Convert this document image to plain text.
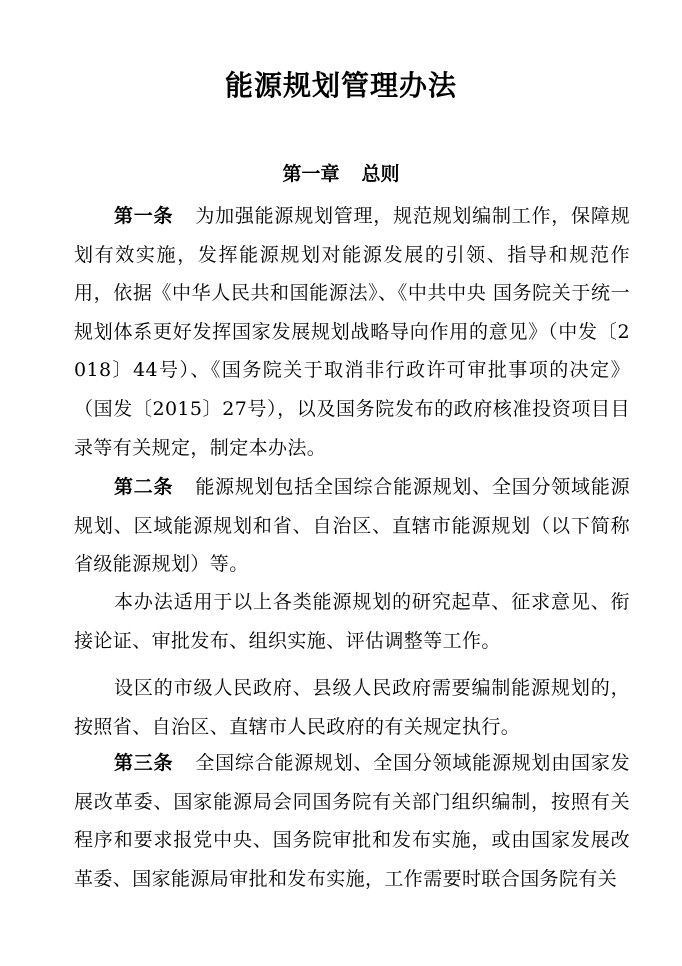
能源规划管理办法
第一章 总则
第一条 为加强能源规划管理，规范规划编制工作，保障规划有效实施，发挥能源规划对能源发展的引领、指导和规范作用，依据《中华人民共和国能源法》、《中共中央 国务院关于统一规划体系更好发挥国家发展规划战略导向作用的意见》（中发〔2018〕44号）、《国务院关于取消非行政许可审批事项的决定》（国发〔2015〕27号），以及国务院发布的政府核准投资项目目录等有关规定，制定本办法。
第二条 能源规划包括全国综合能源规划、全国分领域能源规划、区域能源规划和省、自治区、直辖市能源规划（以下简称省级能源规划）等。
本办法适用于以上各类能源规划的研究起草、征求意见、衔接论证、审批发布、组织实施、评估调整等工作。
设区的市级人民政府、县级人民政府需要编制能源规划的，按照省、自治区、直辖市人民政府的有关规定执行。
第三条 全国综合能源规划、全国分领域能源规划由国家发展改革委、国家能源局会同国务院有关部门组织编制，按照有关程序和要求报党中央、国务院审批和发布实施，或由国家发展改革委、国家能源局审批和发布实施，工作需要时联合国务院有关
